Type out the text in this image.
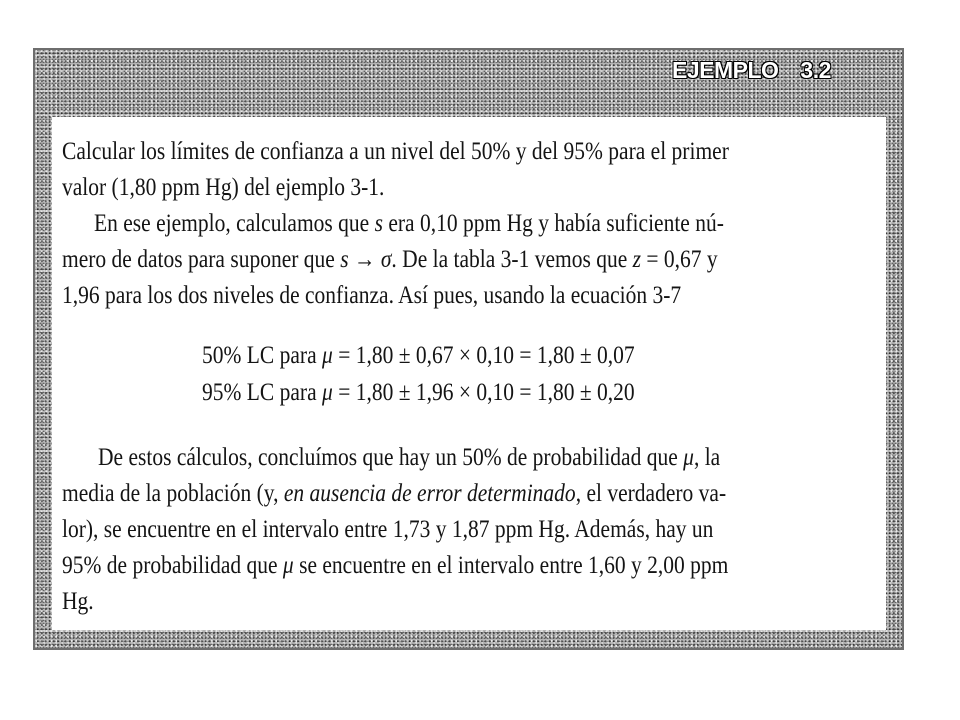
EJEMPLO 3.2
Calcular los límites de confianza a un nivel del 50% y del 95% para el primer
valor (1,80 ppm Hg) del ejemplo 3-1.
En ese ejemplo, calculamos que s era 0,10 ppm Hg y había suficiente nú-
mero de datos para suponer que s → σ. De la tabla 3-1 vemos que z = 0,67 y
1,96 para los dos niveles de confianza. Así pues, usando la ecuación 3-7
50% LC para μ = 1,80 ± 0,67 × 0,10 = 1,80 ± 0,07
95% LC para μ = 1,80 ± 1,96 × 0,10 = 1,80 ± 0,20
De estos cálculos, concluímos que hay un 50% de probabilidad que μ, la
media de la población (y, en ausencia de error determinado, el verdadero va-
lor), se encuentre en el intervalo entre 1,73 y 1,87 ppm Hg. Además, hay un
95% de probabilidad que μ se encuentre en el intervalo entre 1,60 y 2,00 ppm
Hg.
